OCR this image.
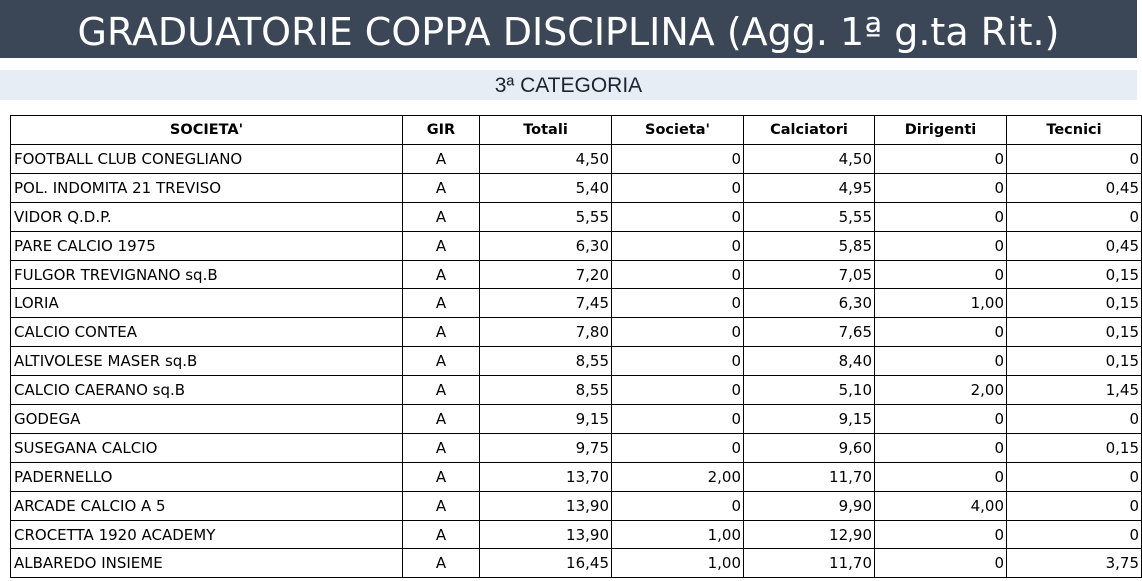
GRADUATORIE COPPA DISCIPLINA (Agg. 1ª g.ta Rit.)
3ª CATEGORIA
SOCIETA'	GIR	Totali	Societa'	Calciatori	Dirigenti	Tecnici
FOOTBALL CLUB CONEGLIANO	A	4,50	0	4,50	0	0
POL. INDOMITA 21 TREVISO	A	5,40	0	4,95	0	0,45
VIDOR Q.D.P.	A	5,55	0	5,55	0	0
PARE CALCIO 1975	A	6,30	0	5,85	0	0,45
FULGOR TREVIGNANO sq.B	A	7,20	0	7,05	0	0,15
LORIA	A	7,45	0	6,30	1,00	0,15
CALCIO CONTEA	A	7,80	0	7,65	0	0,15
ALTIVOLESE MASER sq.B	A	8,55	0	8,40	0	0,15
CALCIO CAERANO sq.B	A	8,55	0	5,10	2,00	1,45
GODEGA	A	9,15	0	9,15	0	0
SUSEGANA CALCIO	A	9,75	0	9,60	0	0,15
PADERNELLO	A	13,70	2,00	11,70	0	0
ARCADE CALCIO A 5	A	13,90	0	9,90	4,00	0
CROCETTA 1920 ACADEMY	A	13,90	1,00	12,90	0	0
ALBAREDO INSIEME	A	16,45	1,00	11,70	0	3,75
